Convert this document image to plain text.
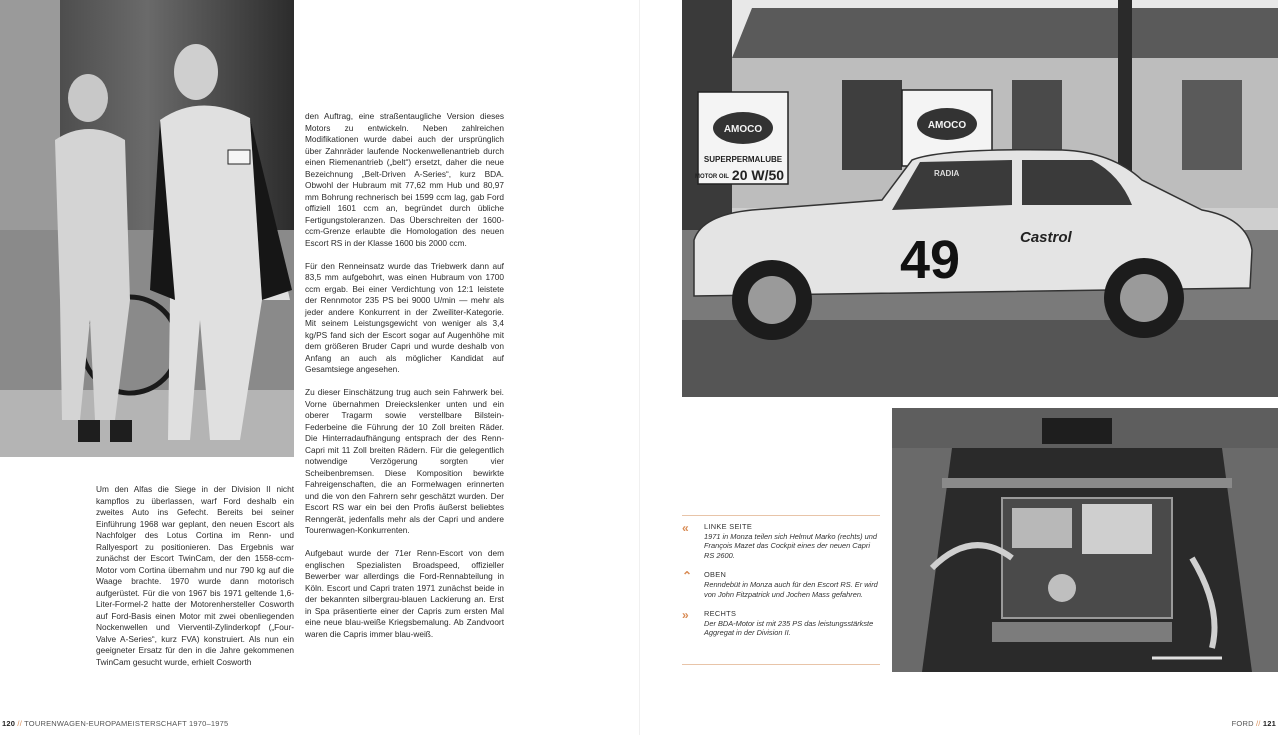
Um den Alfas die Siege in der Division II nicht kampflos zu überlassen, warf Ford deshalb ein zweites Auto ins Gefecht. Bereits bei seiner Einführung 1968 war geplant, den neuen Escort als Nachfolger des Lotus Cortina im Renn- und Rallyesport zu positionieren. Das Ergebnis war zunächst der Escort TwinCam, der den 1558-ccm-Motor vom Cortina übernahm und nur 790 kg auf die Waage brachte. 1970 wurde dann motorisch aufgerüstet. Für die von 1967 bis 1971 geltende 1,6-Liter-Formel-2 hatte der Motorenhersteller Cosworth auf Ford-Basis einen Motor mit zwei obenliegenden Nockenwellen und Vierventil-Zylinderkopf („Four-Valve A-Series“, kurz FVA) konstruiert. Als nun ein geeigneter Ersatz für den in die Jahre gekommenen TwinCam gesucht wurde, erhielt Cosworth

den Auftrag, eine straßentaugliche Version dieses Motors zu entwickeln. Neben zahlreichen Modifikationen wurde dabei auch der ursprünglich über Zahnräder laufende Nockenwellenantrieb durch einen Riemenantrieb („belt“) ersetzt, daher die neue Bezeichnung „Belt-Driven A-Series“, kurz BDA. Obwohl der Hubraum mit 77,62 mm Hub und 80,97 mm Bohrung rechnerisch bei 1599 ccm lag, gab Ford offiziell 1601 ccm an, begründet durch übliche Fertigungstoleranzen. Das Überschreiten der 1600-ccm-Grenze erlaubte die Homologation des neuen Escort RS in der Klasse 1600 bis 2000 ccm.

Für den Renneinsatz wurde das Triebwerk dann auf 83,5 mm aufgebohrt, was einen Hubraum von 1700 ccm ergab. Bei einer Verdichtung von 12:1 leistete der Rennmotor 235 PS bei 9000 U/min — mehr als jeder andere Konkurrent in der Zweiliter-Kategorie. Mit seinem Leistungsgewicht von weniger als 3,4 kg/PS fand sich der Escort sogar auf Augenhöhe mit dem größeren Bruder Capri und wurde deshalb von Anfang an auch als möglicher Kandidat auf Gesamtsiege angesehen.

Zu dieser Einschätzung trug auch sein Fahrwerk bei. Vorne übernahmen Dreieckslenker unten und ein oberer Tragarm sowie verstellbare Bilstein-Federbeine die Führung der 10 Zoll breiten Räder. Die Hinterradaufhängung entsprach der des Renn-Capri mit 11 Zoll breiten Rädern. Für die gelegentlich notwendige Verzögerung sorgten vier Scheibenbremsen. Diese Komposition bewirkte Fahreigenschaften, die an Formelwagen erinnerten und die von den Fahrern sehr geschätzt wurden. Der Escort RS war ein bei den Profis äußerst beliebtes Renngerät, jedenfalls mehr als der Capri und andere Tourenwagen-Konkurrenten.

Aufgebaut wurde der 71er Renn-Escort von dem englischen Spezialisten Broadspeed, offizieller Bewerber war allerdings die Ford-Rennabteilung in Köln. Escort und Capri traten 1971 zunächst beide in der bekannten silbergrau-blauen Lackierung an. Erst in Spa präsentierte einer der Capris zum ersten Mal eine neue blau-weiße Kriegsbemalung. Ab Zandvoort waren die Capris immer blau-weiß.

AMOCO
SUPERPERMALUBE
MOTOR OIL 20 W/50
AMOCO
RADIA
49	Castrol
«	LINKE SEITE
1971 in Monza teilen sich Helmut Marko (rechts) und François Mazet das Cockpit eines der neuen Capri RS 2600.
⌃ OBEN
Renndebüt in Monza auch für den Escort RS. Er wird von John Fitzpatrick und Jochen Mass gefahren.
»	RECHTS
Der BDA-Motor ist mit 235 PS das leistungsstärkste Aggregat in der Division II.
120 // TOURENWAGEN-EUROPAMEISTERSCHAFT 1970–1975	FORD // 121
